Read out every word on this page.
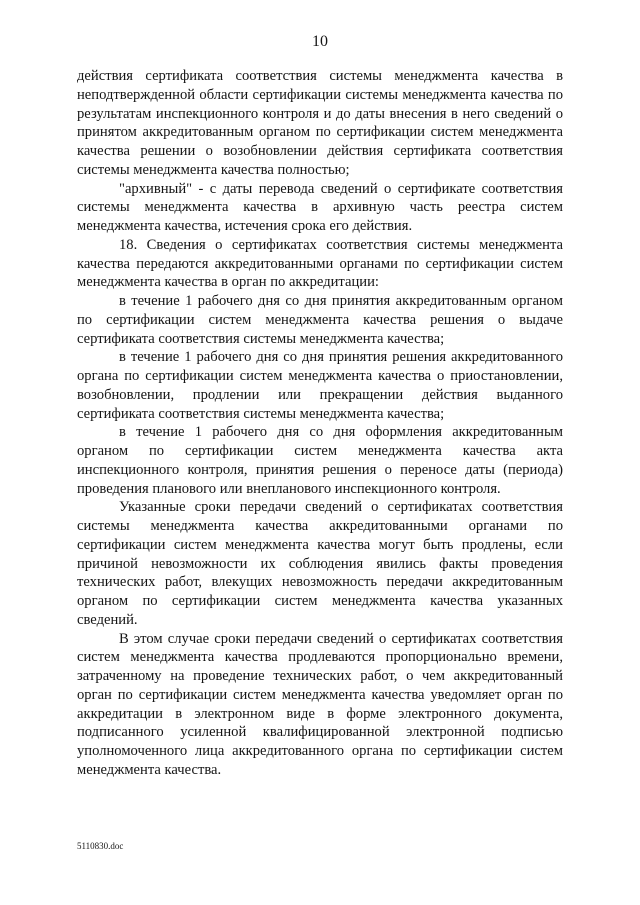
10

действия сертификата соответствия системы менеджмента качества в неподтвержденной области сертификации системы менеджмента качества по результатам инспекционного контроля и до даты внесения в него сведений о принятом аккредитованным органом по сертификации систем менеджмента качества решении о возобновлении действия сертификата соответствия системы менеджмента качества полностью;

"архивный" - с даты перевода сведений о сертификате соответствия системы менеджмента качества в архивную часть реестра систем менеджмента качества, истечения срока его действия.

18. Сведения о сертификатах соответствия системы менеджмента качества передаются аккредитованными органами по сертификации систем менеджмента качества в орган по аккредитации:

в течение 1 рабочего дня со дня принятия аккредитованным органом по сертификации систем менеджмента качества решения о выдаче сертификата соответствия системы менеджмента качества;

в течение 1 рабочего дня со дня принятия решения аккредитованного органа по сертификации систем менеджмента качества о приостановлении, возобновлении, продлении или прекращении действия выданного сертификата соответствия системы менеджмента качества;

в течение 1 рабочего дня со дня оформления аккредитованным органом по сертификации систем менеджмента качества акта инспекционного контроля, принятия решения о переносе даты (периода) проведения планового или внепланового инспекционного контроля.

Указанные сроки передачи сведений о сертификатах соответствия системы менеджмента качества аккредитованными органами по сертификации систем менеджмента качества могут быть продлены, если причиной невозможности их соблюдения явились факты проведения технических работ, влекущих невозможность передачи аккредитованным органом по сертификации систем менеджмента качества указанных сведений.

В этом случае сроки передачи сведений о сертификатах соответствия систем менеджмента качества продлеваются пропорционально времени, затраченному на проведение технических работ, о чем аккредитованный орган по сертификации систем менеджмента качества уведомляет орган по аккредитации в электронном виде в форме электронного документа, подписанного усиленной квалифицированной электронной подписью уполномоченного лица аккредитованного органа по сертификации систем менеджмента качества.

5110830.doc
